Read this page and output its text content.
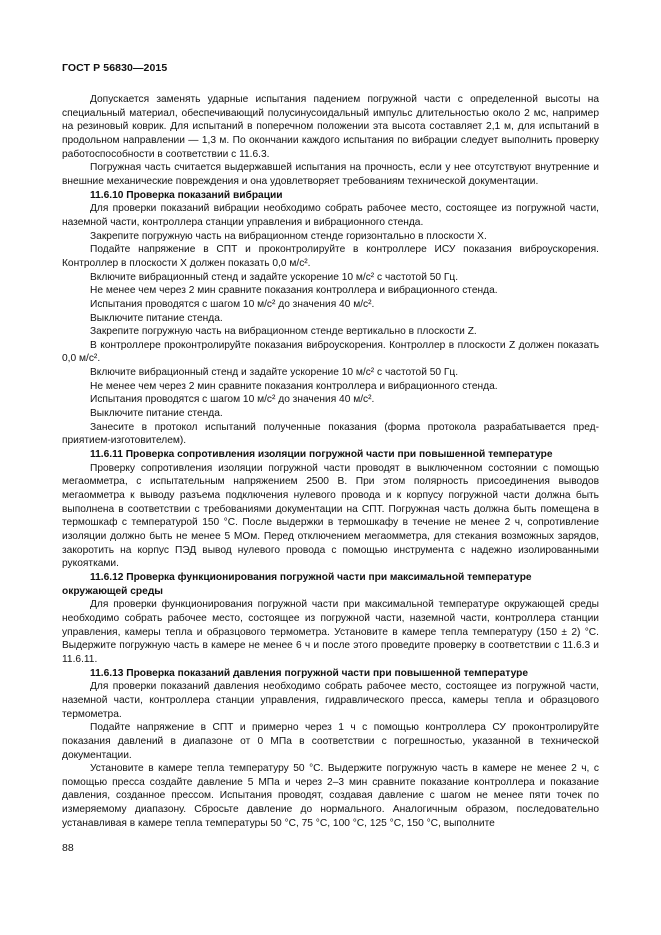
ГОСТ Р 56830—2015

Допускается заменять ударные испытания падением погружной части с определенной высоты на специальный материал, обеспечивающий полусинусоидальный импульс длительностью около 2 мс, например на резиновый коврик. Для испытаний в поперечном положении эта высота составляет 2,1 м, для испытаний в продольном направлении — 1,3 м. По окончании каждого испытания по вибрации следует выполнить проверку работоспособности в соответствии с 11.6.3.

Погружная часть считается выдержавшей испытания на прочность, если у нее отсутствуют внутренние и внешние механические повреждения и она удовлетворяет требованиям технической документации.

11.6.10 Проверка показаний вибрации

Для проверки показаний вибрации необходимо собрать рабочее место, состоящее из погружной части, наземной части, контроллера станции управления и вибрационного стенда.

Закрепите погружную часть на вибрационном стенде горизонтально в плоскости X.

Подайте напряжение в СПТ и проконтролируйте в контроллере ИСУ показания виброускорения. Контроллер в плоскости X должен показать 0,0 м/с².

Включите вибрационный стенд и задайте ускорение 10 м/с² с частотой 50 Гц.

Не менее чем через 2 мин сравните показания контроллера и вибрационного стенда.

Испытания проводятся с шагом 10 м/с² до значения 40 м/с².

Выключите питание стенда.

Закрепите погружную часть на вибрационном стенде вертикально в плоскости Z.

В контроллере проконтролируйте показания виброускорения. Контроллер в плоскости Z должен показать 0,0 м/с².

Включите вибрационный стенд и задайте ускорение 10 м/с² с частотой 50 Гц.

Не менее чем через 2 мин сравните показания контроллера и вибрационного стенда.

Испытания проводятся с шагом 10 м/с² до значения 40 м/с².

Выключите питание стенда.

Занесите в протокол испытаний полученные показания (форма протокола разрабатывается предприятием-изготовителем).

11.6.11 Проверка сопротивления изоляции погружной части при повышенной температуре

Проверку сопротивления изоляции погружной части проводят в выключенном состоянии с помощью мегаомметра, с испытательным напряжением 2500 В. При этом полярность присоединения выводов мегаомметра к выводу разъема подключения нулевого провода и к корпусу погружной части должна быть выполнена в соответствии с требованиями документации на СПТ. Погружная часть должна быть помещена в термошкаф с температурой 150 °С. После выдержки в термошкафу в течение не менее 2 ч, сопротивление изоляции должно быть не менее 5 МОм. Перед отключением мегаомметра, для стекания возможных зарядов, закоротить на корпус ПЭД вывод нулевого провода с помощью инструмента с надежно изолированными рукоятками.

11.6.12 Проверка функционирования погружной части при максимальной температуре окружающей среды

Для проверки функционирования погружной части при максимальной температуре окружающей среды необходимо собрать рабочее место, состоящее из погружной части, наземной части, контроллера станции управления, камеры тепла и образцового термометра. Установите в камере тепла температуру (150 ± 2) °С. Выдержите погружную часть в камере не менее 6 ч и после этого проведите проверку в соответствии с 11.6.3 и 11.6.11.

11.6.13 Проверка показаний давления погружной части при повышенной температуре

Для проверки показаний давления необходимо собрать рабочее место, состоящее из погружной части, наземной части, контроллера станции управления, гидравлического пресса, камеры тепла и образцового термометра.

Подайте напряжение в СПТ и примерно через 1 ч с помощью контроллера СУ проконтролируйте показания давлений в диапазоне от 0 МПа в соответствии с погрешностью, указанной в технической документации.

Установите в камере тепла температуру 50 °С. Выдержите погружную часть в камере не менее 2 ч, с помощью пресса создайте давление 5 МПа и через 2–3 мин сравните показание контроллера и показание давления, созданное прессом. Испытания проводят, создавая давление с шагом не менее пяти точек по измеряемому диапазону. Сбросьте давление до нормального. Аналогичным образом, последовательно устанавливая в камере тепла температуры 50 °С, 75 °С, 100 °С, 125 °С, 150 °С, выполните

88
